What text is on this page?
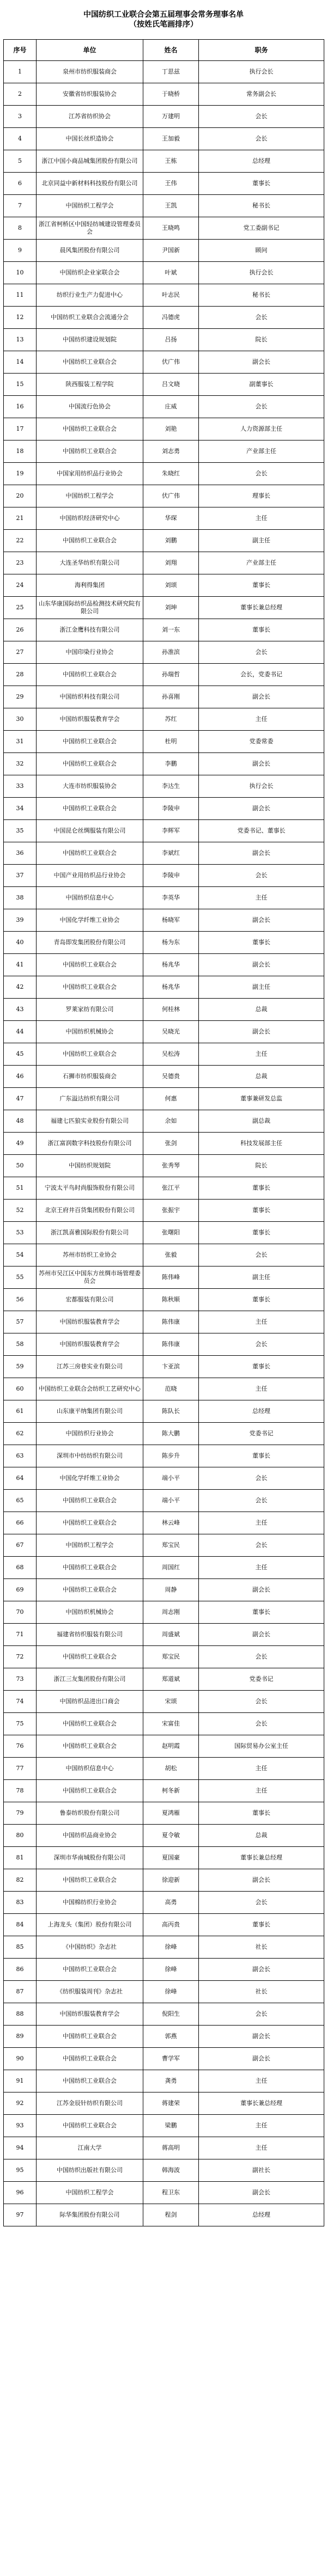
中国纺织工业联合会第五届理事会常务理事名单
（按姓氏笔画排序）
序号	单位	姓名	职务
1	泉州市纺织服装商会	丁思兹	执行会长
2	安徽省纺织服装协会	于晓桥	常务副会长
3	江苏省纺织协会	万建明	会长
4	中国长丝织造协会	王加毅	会长
5	浙江中国小商品城集团股份有限公司	王栋	总经理
6	北京同益中新材料科技股份有限公司	王伟	董事长
7	中国纺织工程学会	王凯	秘书长
8	浙江省柯桥区中国轻纺城建设管理委员会	王晓鸣	党工委副书记
9	晨风集团股份有限公司	尹国新	顾问
10	中国纺织企业家联合会	叶斌	执行会长
11	纺织行业生产力促进中心	叶志民	秘书长
12	中国纺织工业联合会流通分会	冯德虎	会长
13	中国纺织建设规划院	吕扬	院长
14	中国纺织工业联合会	伏广伟	副会长
15	陕西服装工程学院	吕文晓	副董事长
16	中国流行色协会	庄威	会长
17	中国纺织工业联合会	刘艳	人力资源部主任
18	中国纺织工业联合会	刘志勇	产业部主任
19	中国家用纺织品行业协会	朱晓红	会长
20	中国纺织工程学会	伏广伟	理事长
21	中国纺织经济研究中心	华琛	主任
22	中国纺织工业联合会	刘鹏	副主任
23	大连圣华纺织有限公司	刘翔	产业部主任
24	海利得集团	刘颂	董事长
25	山东华康国际纺织品检测技术研究院有限公司	刘坤	董事长兼总经理
26	浙江金鹰科技有限公司	刘一东	董事长
27	中国印染行业协会	孙淮滨	会长
28	中国纺织工业联合会	孙瑞哲	会长，党委书记
29	中国纺织科技有限公司	孙喜刚	副会长
30	中国纺织服装教育学会	苏红	主任
31	中国纺织工业联合会	杜明	党委常委
32	中国纺织工业联合会	李鹏	副会长
33	大连市纺织服装协会	李达生	执行会长
34	中国纺织工业联合会	李陵申	副会长
35	中国昆仑丝绸服装有限公司	李辉军	党委书记、董事长
36	中国纺织工业联合会	李斌红	副会长
37	中国产业用纺织品行业协会	李陵申	会长
38	中国纺织信息中心	李英华	主任
39	中国化学纤维工业协会	杨晓军	副会长
40	青岛即发集团股份有限公司	杨为东	董事长
41	中国纺织工业联合会	杨兆华	副会长
42	中国纺织工业联合会	杨兆华	副主任
43	罗莱家纺有限公司	何桂林	总裁
44	中国纺织机械协会	吴晓光	副会长
45	中国纺织工业联合会	吴松涛	主任
46	石狮市纺织服装商会	吴德贵	总裁
47	广东溢达纺织有限公司	何惠	董事兼研发总监
48	福建七匹狼实业股份有限公司	余如	副总裁
49	浙江富润数字科技股份有限公司	张剑	科技发展部主任
50	中国纺织规划院	张秀琴	院长
51	宁波太平鸟时尚服饰股份有限公司	张江平	董事长
52	北京王府井百货集团股份有限公司	张振宇	董事长
53	浙江凯喜雅国际股份有限公司	张曙阳	董事长
54	苏州市纺织工业协会	张毅	会长
55	苏州市吴江区中国东方丝绸市场管理委员会	陈伟峰	副主任
56	宏都服装有限公司	陈秋顺	董事长
57	中国纺织服装教育学会	陈伟康	主任
58	中国纺织服装教育学会	陈伟康	会长
59	江苏三房巷实业有限公司	卞亚滨	董事长
60	中国纺织工业联合会纺织工艺研究中心	范晓	主任
61	山东康平纳集团有限公司	陈队长	总经理
62	中国纺织行业协会	陈大鹏	党委书记
63	深圳市中纺纺织有限公司	陈步升	董事长
64	中国化学纤维工业协会	端小平	会长
65	中国纺织工业联合会	端小平	会长
66	中国纺织工业联合会	林云峰	主任
67	中国纺织工程学会	郑宝民	会长
68	中国纺织工业联合会	周国红	主任
69	中国纺织工业联合会	周静	副会长
70	中国纺织机械协会	周志刚	董事长
71	福建省纺织服装有限公司	周盛斌	副会长
72	中国纺织工业联合会	郑宝民	会长
73	浙江三友集团股份有限公司	郑道斌	党委书记
74	中国纺织品进出口商会	宋颂	会长
75	中国纺织工业联合会	宋富佳	会长
76	中国纺织工业联合会	赵明霞	国际贸易办公室主任
77	中国纺织信息中心	胡松	主任
78	中国纺织工业联合会	柯冬新	主任
79	鲁泰纺织股份有限公司	夏鸿雁	董事长
80	中国纺织品商业协会	夏令敏	总裁
81	深圳市华南城股份有限公司	夏国豪	董事长兼总经理
82	中国纺织工业联合会	徐迎新	副会长
83	中国棉纺织行业协会	高勇	会长
84	上海龙头（集团）股份有限公司	高丙贵	董事长
85	《中国纺织》杂志社	徐峰	社长
86	中国纺织工业联合会	徐峰	副会长
87	《纺织服装周刊》杂志社	徐峰	社长
88	中国纺织服装教育学会	倪阳生	会长
89	中国纺织工业联合会	郭燕	副会长
90	中国纺织工业联合会	曹学军	副会长
91	中国纺织工业联合会	龚勇	主任
92	江苏金辰针纺织有限公司	蒋建荣	董事长兼总经理
93	中国纺织工业联合会	梁鹏	主任
94	江南大学	蒋高明	主任
95	中国纺织出版社有限公司	韩海波	副社长
96	中国纺织工程学会	程卫东	副会长
97	际华集团股份有限公司	程剑	总经理
